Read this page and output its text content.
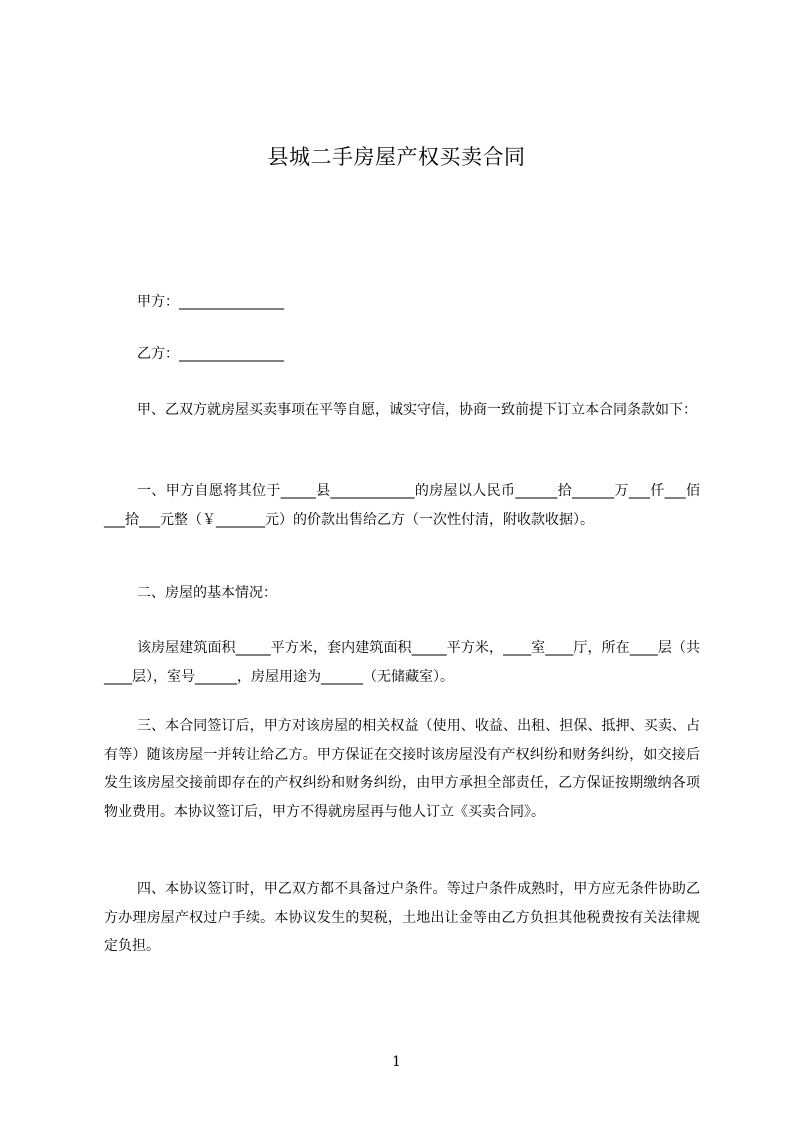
县城二手房屋产权买卖合同
甲方：_______________
乙方：_______________
甲、乙双方就房屋买卖事项在平等自愿，诚实守信，协商一致前提下订立本合同条款如下：
一、甲方自愿将其位于_____县____________的房屋以人民币______拾______万___仟___佰___拾___元整（￥_______元）的价款出售给乙方（一次性付清，附收款收据）。
二、房屋的基本情况：
该房屋建筑面积_____平方米，套内建筑面积_____平方米，____室____厅，所在____层（共____层），室号______，房屋用途为______（无储藏室）。
三、本合同签订后，甲方对该房屋的相关权益（使用、收益、出租、担保、抵押、买卖、占有等）随该房屋一并转让给乙方。甲方保证在交接时该房屋没有产权纠纷和财务纠纷，如交接后发生该房屋交接前即存在的产权纠纷和财务纠纷，由甲方承担全部责任，乙方保证按期缴纳各项物业费用。本协议签订后，甲方不得就房屋再与他人订立《买卖合同》。
四、本协议签订时，甲乙双方都不具备过户条件。等过户条件成熟时，甲方应无条件协助乙方办理房屋产权过户手续。本协议发生的契税，土地出让金等由乙方负担其他税费按有关法律规定负担。
1
